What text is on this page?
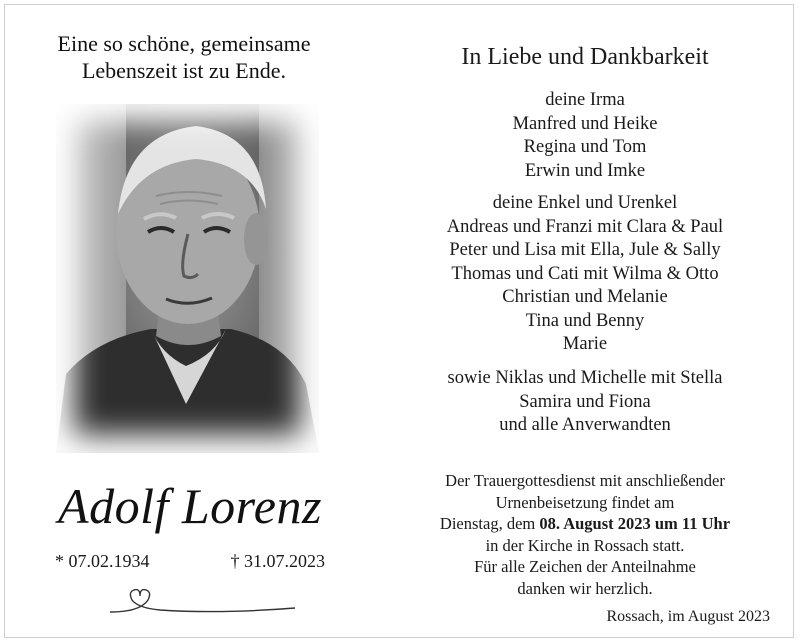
Eine so schöne, gemeinsame
Lebenszeit ist zu Ende.
Adolf Lorenz
* 07.02.1934	† 31.07.2023
In Liebe und Dankbarkeit
deine Irma
Manfred und Heike
Regina und Tom
Erwin und Imke
deine Enkel und Urenkel
Andreas und Franzi mit Clara & Paul
Peter und Lisa mit Ella, Jule & Sally
Thomas und Cati mit Wilma & Otto
Christian und Melanie
Tina und Benny
Marie
sowie Niklas und Michelle mit Stella
Samira und Fiona
und alle Anverwandten
Der Trauergottesdienst mit anschließender
Urnenbeisetzung findet am
Dienstag, dem 08. August 2023 um 11 Uhr
in der Kirche in Rossach statt.
Für alle Zeichen der Anteilnahme
danken wir herzlich.
Rossach, im August 2023
